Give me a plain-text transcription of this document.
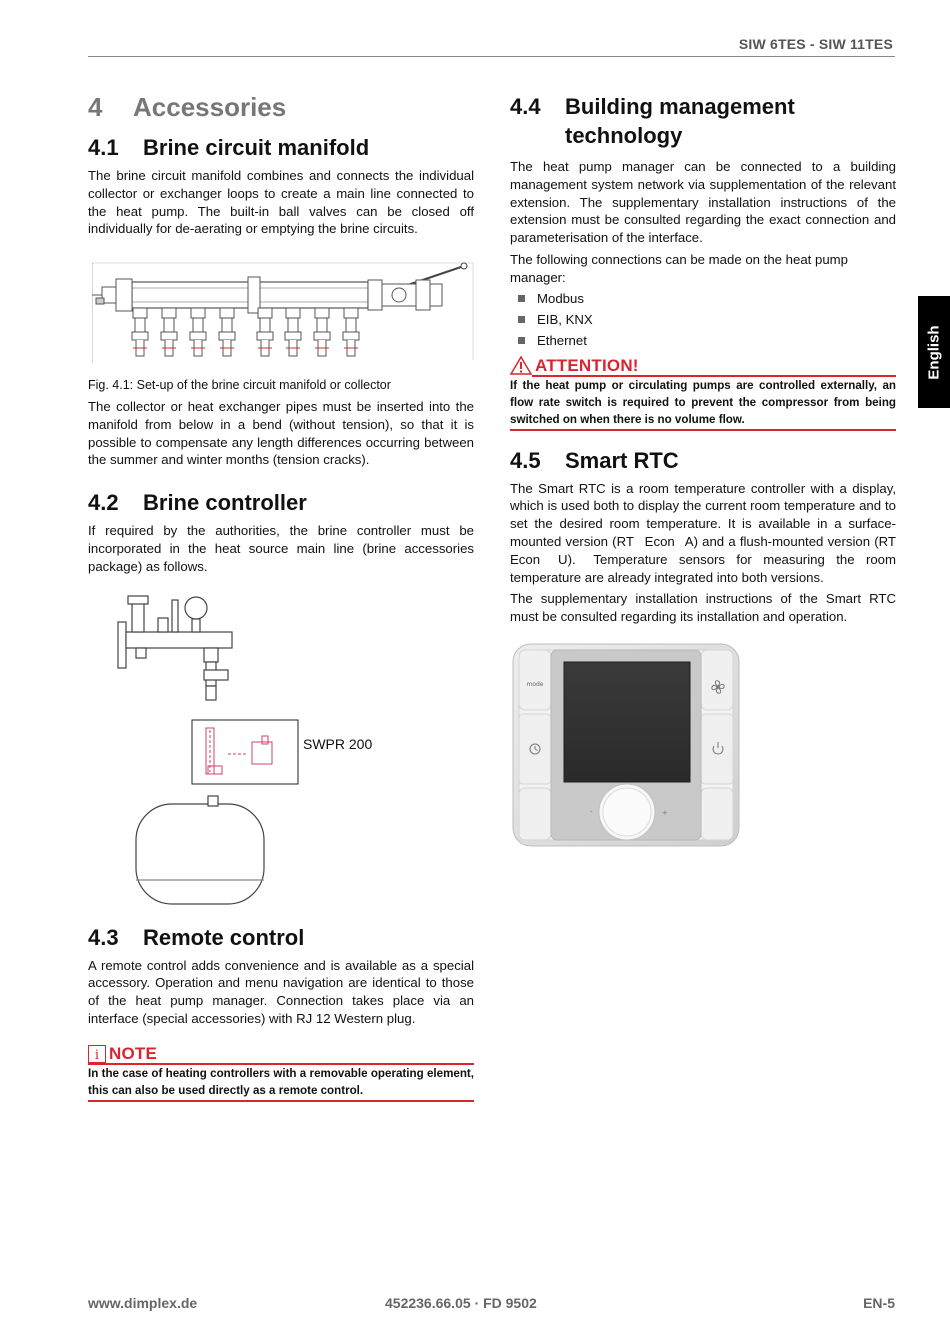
SIW 6TES - SIW 11TES
English
4 Accessories
4.1 Brine circuit manifold

The brine circuit manifold combines and connects the individual collector or exchanger loops to create a main line connected to the heat pump. The built-in ball valves can be closed off individually for de-aerating or emptying the brine circuits.

Fig. 4.1: Set-up of the brine circuit manifold or collector

The collector or heat exchanger pipes must be inserted into the manifold from below in a bend (without tension), so that it is possible to compensate any length differences occurring between the summer and winter months (tension cracks).

4.2 Brine controller

If required by the authorities, the brine controller must be incorporated in the heat source main line (brine accessories package) as follows.

SWPR 200
4.3 Remote control

A remote control adds convenience and is available as a special accessory. Operation and menu navigation are identical to those of the heat pump manager. Connection takes place via an interface (special accessories) with RJ 12 Western plug.

i NOTE
In the case of heating controllers with a removable operating element, this can also be used directly as a remote control.
4.4 Building management
technology

The heat pump manager can be connected to a building management system network via supplementation of the relevant extension. The supplementary installation instructions of the extension must be consulted regarding the exact connection and parameterisation of the interface.

The following connections can be made on the heat pump manager:

Modbus
EIB, KNX
Ethernet
ATTENTION!
If the heat pump or circulating pumps are controlled externally, an flow rate switch is required to prevent the compressor from being switched on when there is no volume flow.
4.5 Smart RTC

The Smart RTC is a room temperature controller with a display, which is used both to display the current room temperature and to set the desired room temperature. It is available in a surface-mounted version (RT  Econ  A) and a flush-mounted version (RT Econ  U).  Temperature sensors for measuring the room temperature are already integrated into both versions.

The supplementary installation instructions of the Smart RTC must be consulted regarding its installation and operation.

mode
-	+
www.dimplex.de	452236.66.05 · FD 9502	EN-5
